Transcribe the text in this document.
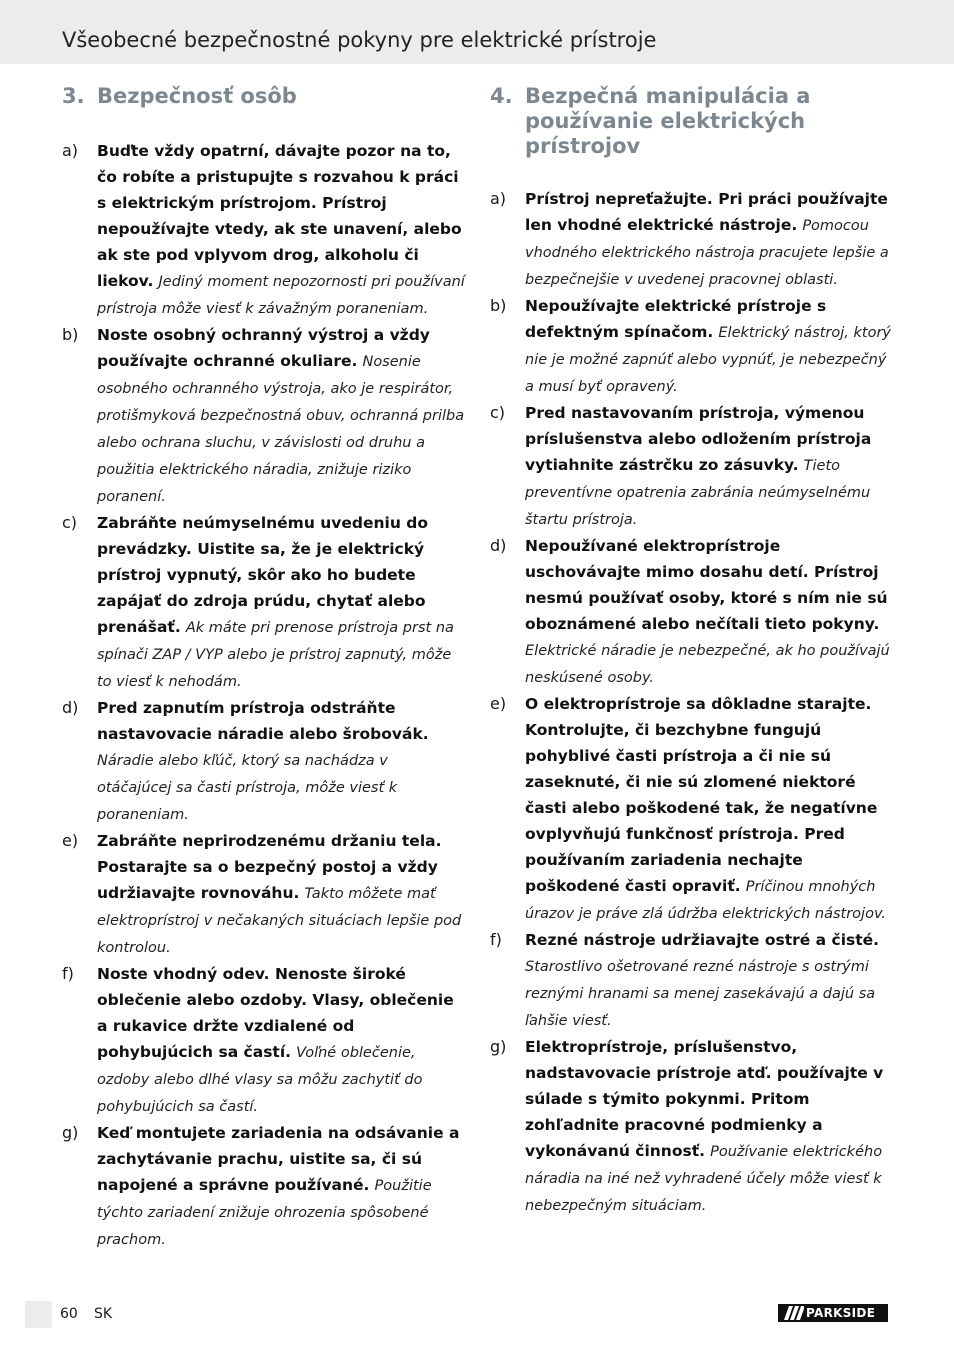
Všeobecné bezpečnostné pokyny pre elektrické prístroje
3. Bezpečnosť osôb
a)	Buďte vždy opatrní, dávajte pozor na to, čo robíte a pristupujte s rozvahou k práci s elektrickým prístrojom. Prístroj nepoužívajte vtedy, ak ste unavení, alebo ak ste pod vplyvom drog, alkoholu či liekov. Jediný moment nepozornosti pri používaní prístroja môže viesť k závažným poraneniam.
b)	Noste osobný ochranný výstroj a vždy používajte ochranné okuliare. Nosenie osobného ochranného výstroja, ako je respirátor, protišmyková bezpečnostná obuv, ochranná prilba alebo ochrana sluchu, v závislosti od druhu a použitia elektrického náradia, znižuje riziko poranení.
c)	Zabráňte neúmyselnému uvedeniu do prevádzky. Uistite sa, že je elektrický prístroj vypnutý, skôr ako ho budete zapájať do zdroja prúdu, chytať alebo prenášať. Ak máte pri prenose prístroja prst na spínači ZAP / VYP alebo je prístroj zapnutý, môže to viesť k nehodám.
d)	Pred zapnutím prístroja odstráňte nastavovacie náradie alebo šrobovák. Náradie alebo kľúč, ktorý sa nachádza v otáčajúcej sa časti prístroja, môže viesť k poraneniam.
e)	Zabráňte neprirodzenému držaniu tela. Postarajte sa o bezpečný postoj a vždy udržiavajte rovnováhu. Takto môžete mať elektroprístroj v nečakaných situáciach lepšie pod kontrolou.
f)	Noste vhodný odev. Nenoste široké oblečenie alebo ozdoby. Vlasy, oblečenie a rukavice držte vzdialené od pohybujúcich sa častí. Voľné oblečenie, ozdoby alebo dlhé vlasy sa môžu zachytiť do pohybujúcich sa častí.
g)	Keď montujete zariadenia na odsávanie a zachytávanie prachu, uistite sa, či sú napojené a správne používané. Použitie týchto zariadení znižuje ohrozenia spôsobené prachom.
4. Bezpečná manipulácia a používanie elektrických prístrojov
a)	Prístroj nepreťažujte. Pri práci používajte len vhodné elektrické nástroje. Pomocou vhodného elektrického nástroja pracujete lepšie a bezpečnejšie v uvedenej pracovnej oblasti.
b)	Nepoužívajte elektrické prístroje s defektným spínačom. Elektrický nástroj, ktorý nie je možné zapnúť alebo vypnúť, je nebezpečný a musí byť opravený.
c)	Pred nastavovaním prístroja, výmenou príslušenstva alebo odložením prístroja vytiahnite zástrčku zo zásuvky. Tieto preventívne opatrenia zabránia neúmyselnému štartu prístroja.
d)	Nepoužívané elektroprístroje uschovávajte mimo dosahu detí. Prístroj nesmú používať osoby, ktoré s ním nie sú oboznámené alebo nečítali tieto pokyny. Elektrické náradie je nebezpečné, ak ho používajú neskúsené osoby.
e)	O elektroprístroje sa dôkladne starajte. Kontrolujte, či bezchybne fungujú pohyblivé časti prístroja a či nie sú zaseknuté, či nie sú zlomené niektoré časti alebo poškodené tak, že negatívne ovplyvňujú funkčnosť prístroja. Pred používaním zariadenia nechajte poškodené časti opraviť. Príčinou mnohých úrazov je práve zlá údržba elektrických nástrojov.
f)	Rezné nástroje udržiavajte ostré a čisté. Starostlivo ošetrované rezné nástroje s ostrými reznými hranami sa menej zasekávajú a dajú sa ľahšie viesť.
g)	Elektroprístroje, príslušenstvo, nadstavovacie prístroje atď. používajte v súlade s týmito pokynmi. Pritom zohľadnite pracovné podmienky a vykonávanú činnosť. Používanie elektrického náradia na iné než vyhradené účely môže viesť k nebezpečným situáciam.
60 SK	PARKSIDE
